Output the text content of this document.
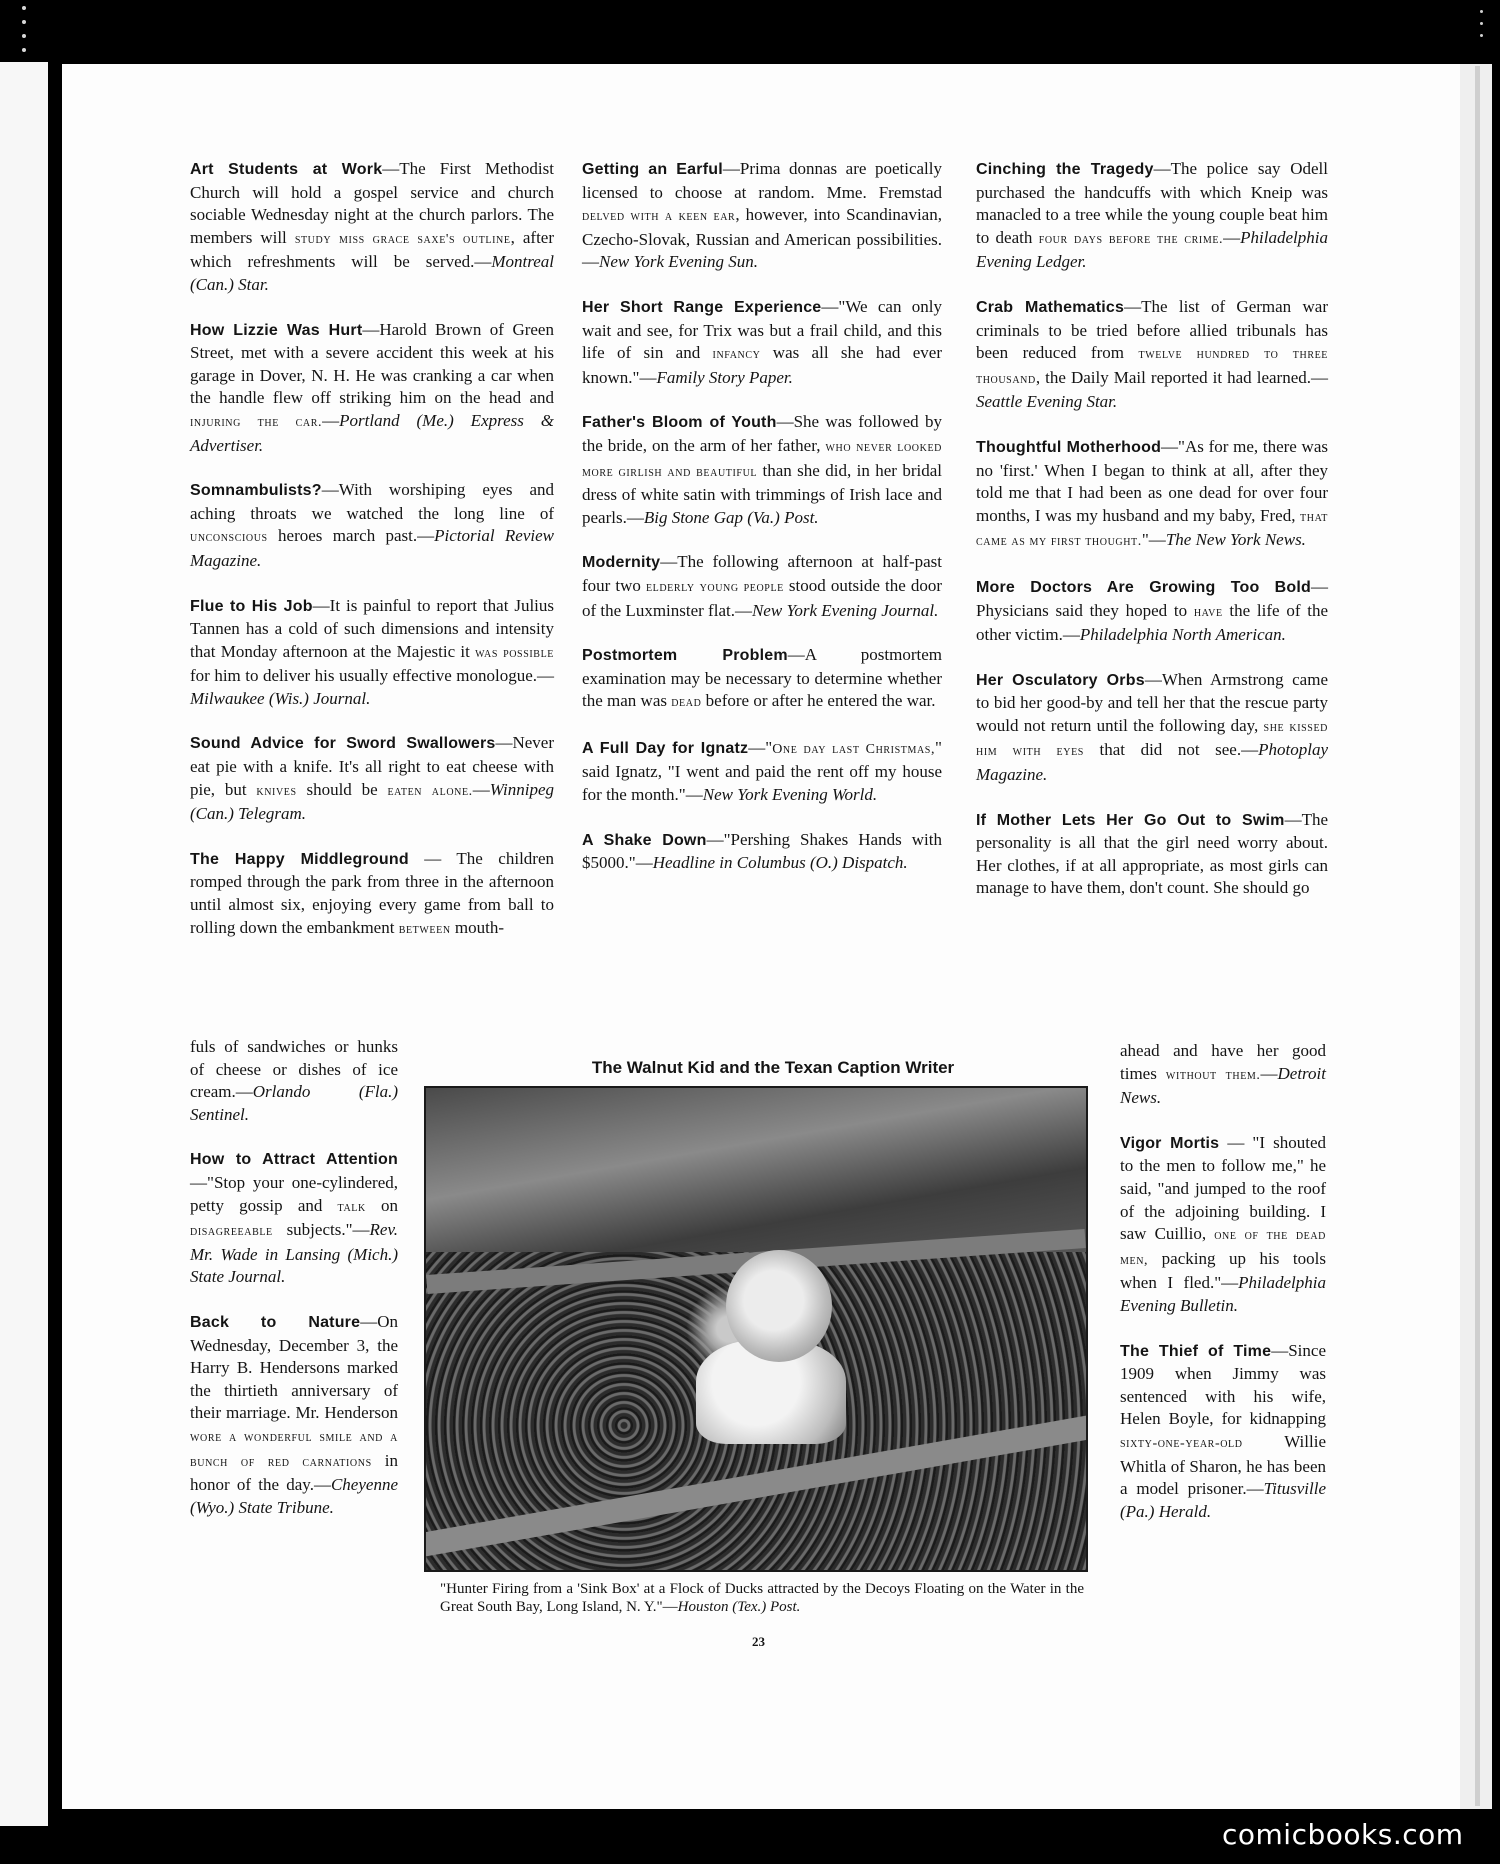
Art Students at Work—The First Methodist Church will hold a gospel service and church sociable Wednesday night at the church parlors. The members will study miss grace saxe's outline, after which refreshments will be served.—Montreal (Can.) Star.
How Lizzie Was Hurt—Harold Brown of Green Street, met with a severe accident this week at his garage in Dover, N. H. He was cranking a car when the handle flew off striking him on the head and injuring the car.—Portland (Me.) Express & Advertiser.
Somnambulists?—With worshiping eyes and aching throats we watched the long line of unconscious heroes march past.—Pictorial Review Magazine.
Flue to His Job—It is painful to report that Julius Tannen has a cold of such dimensions and intensity that Monday afternoon at the Majestic it was possible for him to deliver his usually effective monologue.—Milwaukee (Wis.) Journal.
Sound Advice for Sword Swallowers—Never eat pie with a knife. It's all right to eat cheese with pie, but knives should be eaten alone.—Winnipeg (Can.) Telegram.
The Happy Middleground — The children romped through the park from three in the afternoon until almost six, enjoying every game from ball to rolling down the embankment between mouth-
fuls of sandwiches or hunks of cheese or dishes of ice cream.—Orlando (Fla.) Sentinel.
How to Attract Attention—"Stop your one-cylindered, petty gossip and talk on disagreeable subjects."—Rev. Mr. Wade in Lansing (Mich.) State Journal.
Back to Nature—On Wednesday, December 3, the Harry B. Hendersons marked the thirtieth anniversary of their marriage. Mr. Henderson wore a wonderful smile and a bunch of red carnations in honor of the day.—Cheyenne (Wyo.) State Tribune.
Getting an Earful—Prima donnas are poetically licensed to choose at random. Mme. Fremstad delved with a keen ear, however, into Scandinavian, Czecho-Slovak, Russian and American possibilities.—New York Evening Sun.
Her Short Range Experience—"We can only wait and see, for Trix was but a frail child, and this life of sin and infancy was all she had ever known."—Family Story Paper.
Father's Bloom of Youth—She was followed by the bride, on the arm of her father, who never looked more girlish and beautiful than she did, in her bridal dress of white satin with trimmings of Irish lace and pearls.—Big Stone Gap (Va.) Post.
Modernity—The following afternoon at half-past four two elderly young people stood outside the door of the Luxminster flat.—New York Evening Journal.
Postmortem Problem—A postmortem examination may be necessary to determine whether the man was dead before or after he entered the war.
A Full Day for Ignatz—"One day last Christmas," said Ignatz, "I went and paid the rent off my house for the month."—New York Evening World.
A Shake Down—"Pershing Shakes Hands with $5000."—Headline in Columbus (O.) Dispatch.
Cinching the Tragedy—The police say Odell purchased the handcuffs with which Kneip was manacled to a tree while the young couple beat him to death four days before the crime.—Philadelphia Evening Ledger.
Crab Mathematics—The list of German war criminals to be tried before allied tribunals has been reduced from twelve hundred to three thousand, the Daily Mail reported it had learned.—Seattle Evening Star.
Thoughtful Motherhood—"As for me, there was no 'first.' When I began to think at all, after they told me that I had been as one dead for over four months, I was my husband and my baby, Fred, that came as my first thought."—The New York News.
More Doctors Are Growing Too Bold—Physicians said they hoped to have the life of the other victim.—Philadelphia North American.
Her Osculatory Orbs—When Armstrong came to bid her good-by and tell her that the rescue party would not return until the following day, she kissed him with eyes that did not see.—Photoplay Magazine.
If Mother Lets Her Go Out to Swim—The personality is all that the girl need worry about. Her clothes, if at all appropriate, as most girls can manage to have them, don't count. She should go
ahead and have her good times without them.—Detroit News.
Vigor Mortis — "I shouted to the men to follow me," he said, "and jumped to the roof of the adjoining building. I saw Cuillio, one of the dead men, packing up his tools when I fled."—Philadelphia Evening Bulletin.
The Thief of Time—Since 1909 when Jimmy was sentenced with his wife, Helen Boyle, for kidnapping sixty-one-year-old Willie Whitla of Sharon, he has been a model prisoner.—Titusville (Pa.) Herald.
The Walnut Kid and the Texan Caption Writer
"Hunter Firing from a 'Sink Box' at a Flock of Ducks attracted by the Decoys Floating on the Water in the Great South Bay, Long Island, N. Y."—Houston (Tex.) Post.
23
comicbooks.com
